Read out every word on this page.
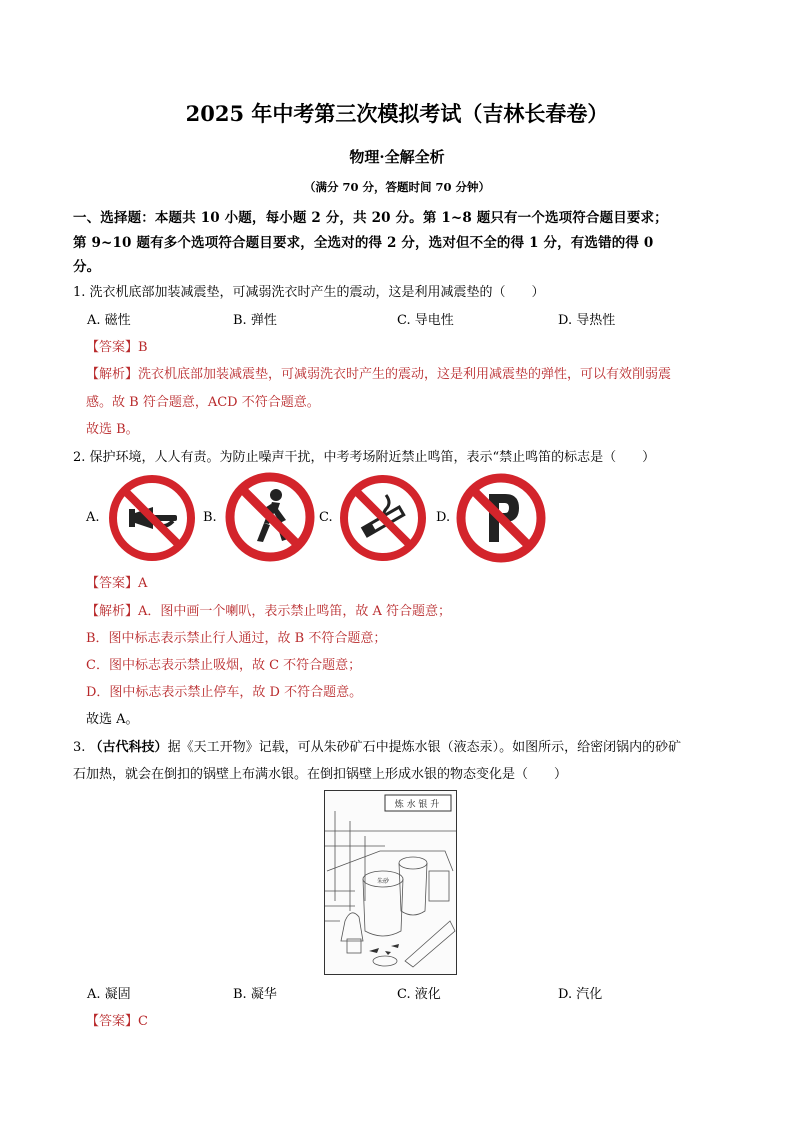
2025 年中考第三次模拟考试（吉林长春卷）
物理·全解全析
（满分 70 分，答题时间 70 分钟）
一、选择题：本题共 10 小题，每小题 2 分，共 20 分。第 1~8 题只有一个选项符合题目要求；
第 9~10 题有多个选项符合题目要求，全选对的得 2 分，选对但不全的得 1 分，有选错的得 0
分。
1. 洗衣机底部加装减震垫，可减弱洗衣时产生的震动，这是利用减震垫的（　　）
A. 磁性	B. 弹性	C. 导电性	D. 导热性
【答案】B
【解析】洗衣机底部加装减震垫，可减弱洗衣时产生的震动，这是利用减震垫的弹性，可以有效削弱震
感。故 B 符合题意，ACD 不符合题意。
故选 B。
2. 保护环境，人人有责。为防止噪声干扰，中考考场附近禁止鸣笛，表示“禁止鸣笛的标志是（　　）
A.	B.	C.	D.
【答案】A
【解析】A．图中画一个喇叭，表示禁止鸣笛，故 A 符合题意；
B．图中标志表示禁止行人通过，故 B 不符合题意；
C．图中标志表示禁止吸烟，故 C 不符合题意；
D．图中标志表示禁止停车，故 D 不符合题意。
故选 A。
3. （古代科技）据《天工开物》记载，可从朱砂矿石中提炼水银（液态汞）。如图所示，给密闭锅内的砂矿
石加热，就会在倒扣的锅壁上布满水银。在倒扣锅壁上形成水银的物态变化是（　　）
炼 水 银 升
朱砂
A. 凝固	B. 凝华	C. 液化	D. 汽化
【答案】C
